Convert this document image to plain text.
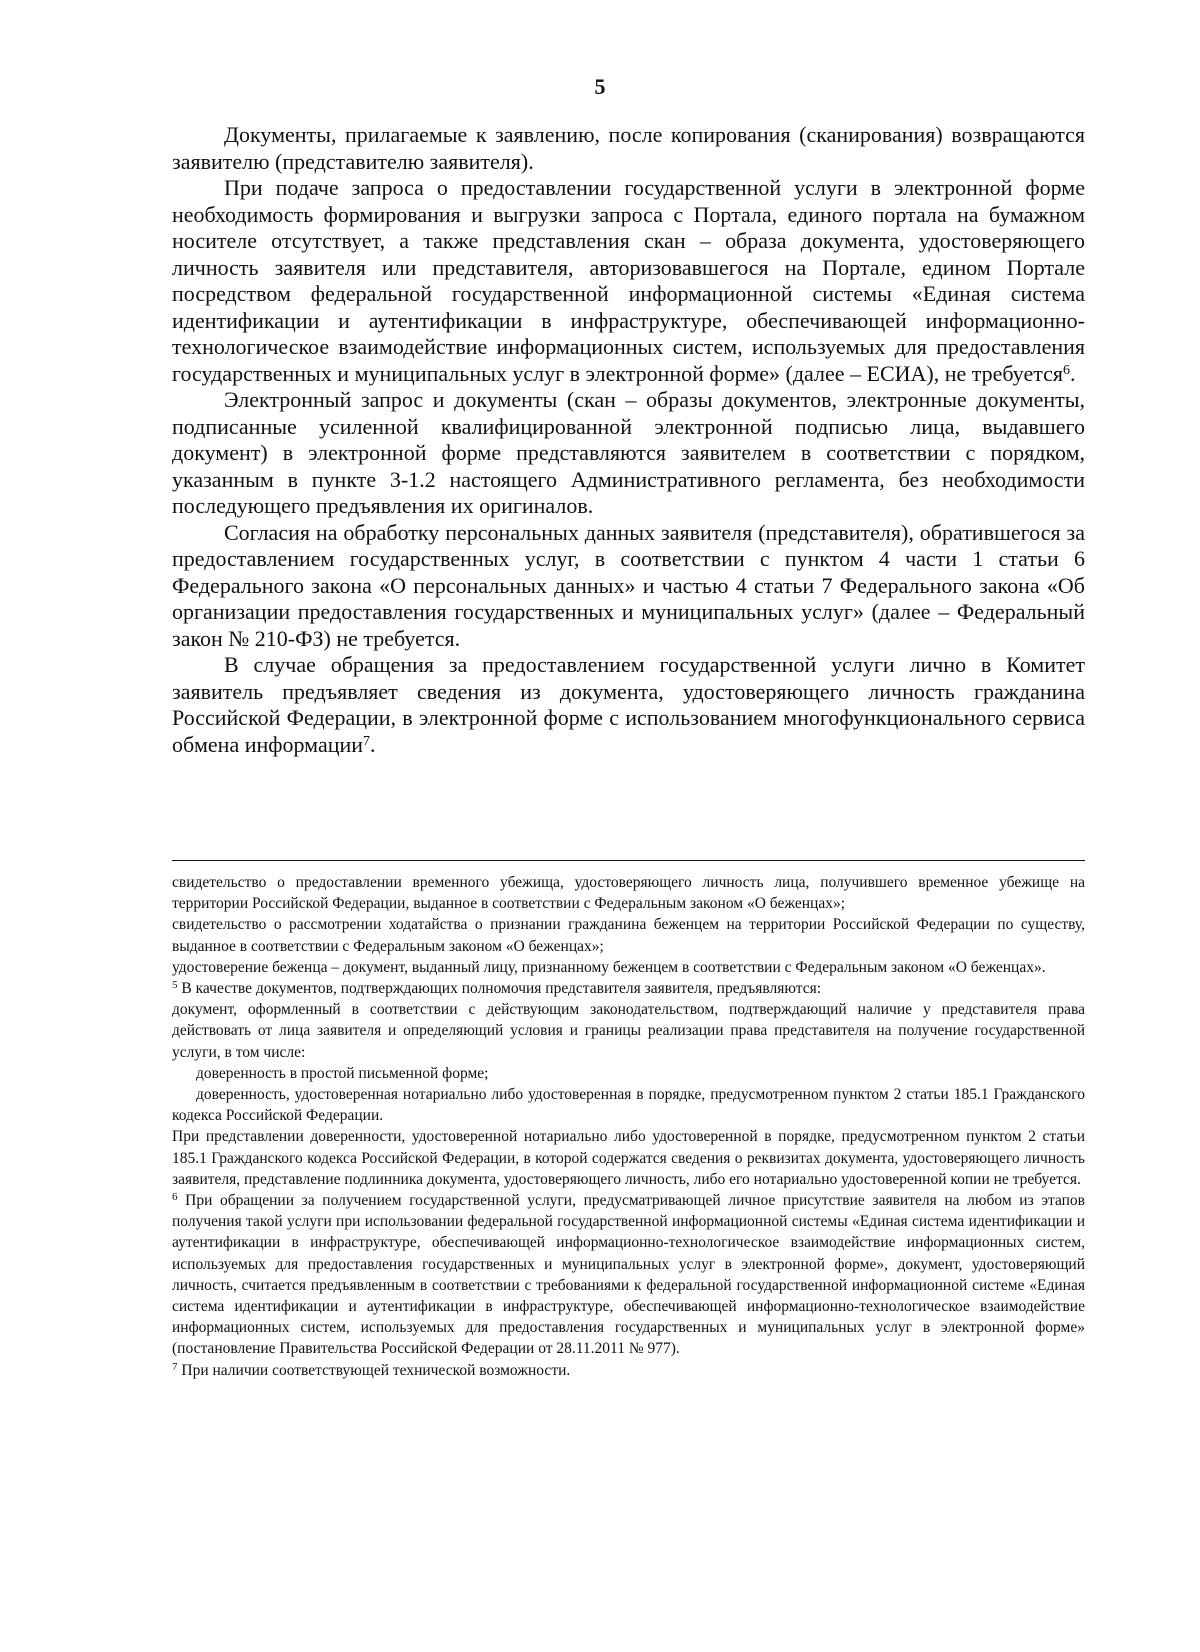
5

Документы, прилагаемые к заявлению, после копирования (сканирования) возвращаются заявителю (представителю заявителя).

При подаче запроса о предоставлении государственной услуги в электронной форме необходимость формирования и выгрузки запроса с Портала, единого портала на бумажном носителе отсутствует, а также представления скан – образа документа, удостоверяющего личность заявителя или представителя, авторизовавшегося на Портале, едином Портале посредством федеральной государственной информационной системы «Единая система идентификации и аутентификации в инфраструктуре, обеспечивающей информационно-технологическое взаимодействие информационных систем, используемых для предоставления государственных и муниципальных услуг в электронной форме» (далее – ЕСИА), не требуется$^6$.

Электронный запрос и документы (скан – образы документов, электронные документы, подписанные усиленной квалифицированной электронной подписью лица, выдавшего документ) в электронной форме представляются заявителем в соответствии с порядком, указанным в пункте 3-1.2 настоящего Административного регламента, без необходимости последующего предъявления их оригиналов.

Согласия на обработку персональных данных заявителя (представителя), обратившегося за предоставлением государственных услуг, в соответствии с пунктом 4 части 1 статьи 6 Федерального закона «О персональных данных» и частью 4 статьи 7 Федерального закона «Об организации предоставления государственных и муниципальных услуг» (далее – Федеральный закон № 210-ФЗ) не требуется.

В случае обращения за предоставлением государственной услуги лично в Комитет заявитель предъявляет сведения из документа, удостоверяющего личность гражданина Российской Федерации, в электронной форме с использованием многофункционального сервиса обмена информации$^7$.

свидетельство о предоставлении временного убежища, удостоверяющего личность лица, получившего временное убежище на территории Российской Федерации, выданное в соответствии с Федеральным законом «О беженцах»;

свидетельство о рассмотрении ходатайства о признании гражданина беженцем на территории Российской Федерации по существу, выданное в соответствии с Федеральным законом «О беженцах»;

удостоверение беженца – документ, выданный лицу, признанному беженцем в соответствии с Федеральным законом «О беженцах».

$^5$ В качестве документов, подтверждающих полномочия представителя заявителя, предъявляются:

документ, оформленный в соответствии с действующим законодательством, подтверждающий наличие у представителя права действовать от лица заявителя и определяющий условия и границы реализации права представителя на получение государственной услуги, в том числе:

доверенность в простой письменной форме;

доверенность, удостоверенная нотариально либо удостоверенная в порядке, предусмотренном пунктом 2 статьи 185.1 Гражданского кодекса Российской Федерации.

При представлении доверенности, удостоверенной нотариально либо удостоверенной в порядке, предусмотренном пунктом 2 статьи 185.1 Гражданского кодекса Российской Федерации, в которой содержатся сведения о реквизитах документа, удостоверяющего личность заявителя, представление подлинника документа, удостоверяющего личность, либо его нотариально удостоверенной копии не требуется.

$^6$ При обращении за получением государственной услуги, предусматривающей личное присутствие заявителя на любом из этапов получения такой услуги при использовании федеральной государственной информационной системы «Единая система идентификации и аутентификации в инфраструктуре, обеспечивающей информационно-технологическое взаимодействие информационных систем, используемых для предоставления государственных и муниципальных услуг в электронной форме», документ, удостоверяющий личность, считается предъявленным в соответствии с требованиями к федеральной государственной информационной системе «Единая система идентификации и аутентификации в инфраструктуре, обеспечивающей информационно-технологическое взаимодействие информационных систем, используемых для предоставления государственных и муниципальных услуг в электронной форме» (постановление Правительства Российской Федерации от 28.11.2011 № 977).

$^7$ При наличии соответствующей технической возможности.
